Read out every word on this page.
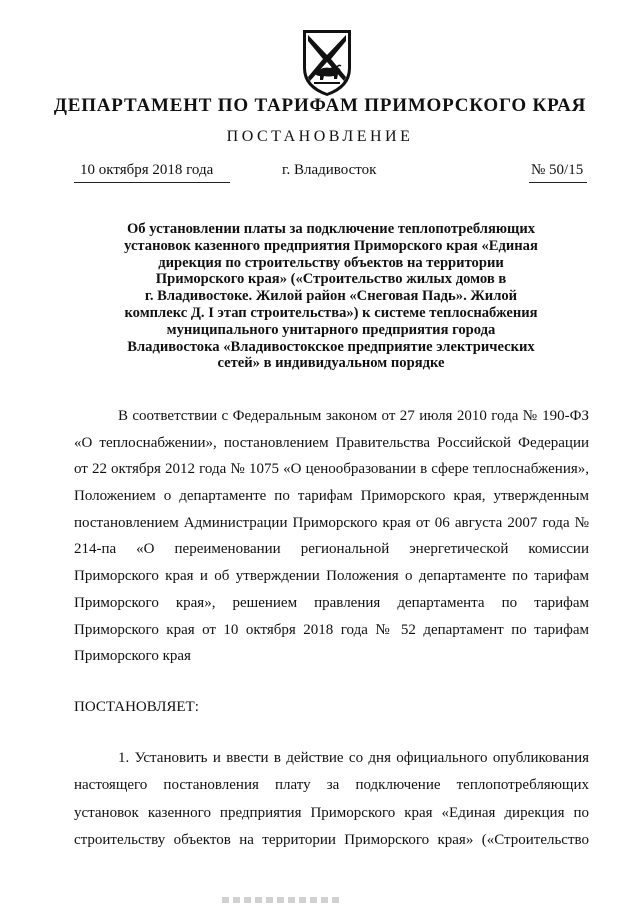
ДЕПАРТАМЕНТ ПО ТАРИФАМ ПРИМОРСКОГО КРАЯ
ПОСТАНОВЛЕНИЕ
10 октября 2018 года	г. Владивосток	№ 50/15
Об установлении платы за подключение теплопотребляющих
установок казенного предприятия Приморского края «Единая
дирекция по строительству объектов на территории
Приморского края» («Строительство жилых домов в
г. Владивостоке. Жилой район «Снеговая Падь». Жилой
комплекс Д. I этап строительства») к системе теплоснабжения
муниципального унитарного предприятия города
Владивостока «Владивостокское предприятие электрических
сетей» в индивидуальном порядке
В соответствии с Федеральным законом от 27 июля 2010 года № 190-ФЗ
«О теплоснабжении», постановлением Правительства Российской Федерации
от 22 октября 2012 года № 1075 «О ценообразовании в сфере теплоснабжения»,
Положением о департаменте по тарифам Приморского края, утвержденным
постановлением Администрации Приморского края от 06 августа 2007 года №
214-па «О переименовании региональной энергетической комиссии
Приморского края и об утверждении Положения о департаменте по тарифам
Приморского края», решением правления департамента по тарифам
Приморского края от 10 октября 2018 года № 52 департамент по тарифам
Приморского края
ПОСТАНОВЛЯЕТ:
1. Установить и ввести в действие со дня официального опубликования
настоящего постановления плату за подключение теплопотребляющих
установок казенного предприятия Приморского края «Единая дирекция по
строительству объектов на территории Приморского края» («Строительство
